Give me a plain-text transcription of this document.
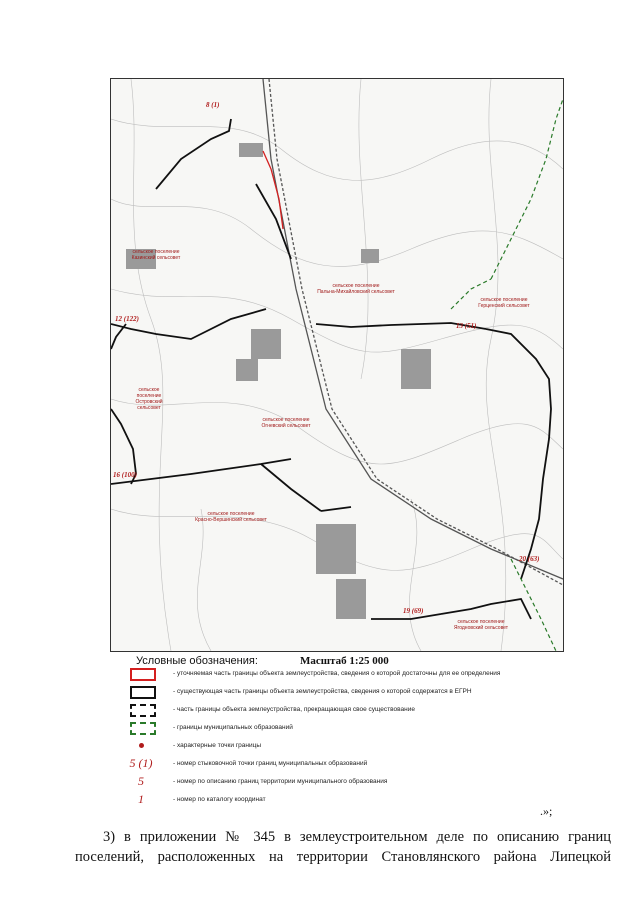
сельское поселение
Казинский сельсовет
сельское поселение
Пальна-Михайловский сельсовет
сельское поселение
Герценский сельсовет
сельское
поселение
Островский
сельсовет
сельское поселение
Огневский сельсовет
сельское поселение
Красно-Вершинский сельсовет
сельское поселение
Ягодновский сельсовет
8 (1)
12 (122)
13 (51)
16 (100)
20 (63)
19 (69)
Условные обозначения:	Масштаб 1:25 000
- уточняемая часть границы объекта землеустройства, сведения о которой достаточны для ее определения
- существующая часть границы объекта землеустройства, сведения о которой содержатся в ЕГРН
- часть границы объекта землеустройства, прекращающая свое существование
- границы муниципальных образований
- характерные точки границы
5 (1)	- номер стыковочной точки границ муниципальных образований
5	- номер по описанию границ территории муниципального образования
1	- номер по каталогу координат
.»;
3) в приложении № 345 в землеустроительном деле по описанию границ
поселений, расположенных на территории Становлянского района Липецкой
